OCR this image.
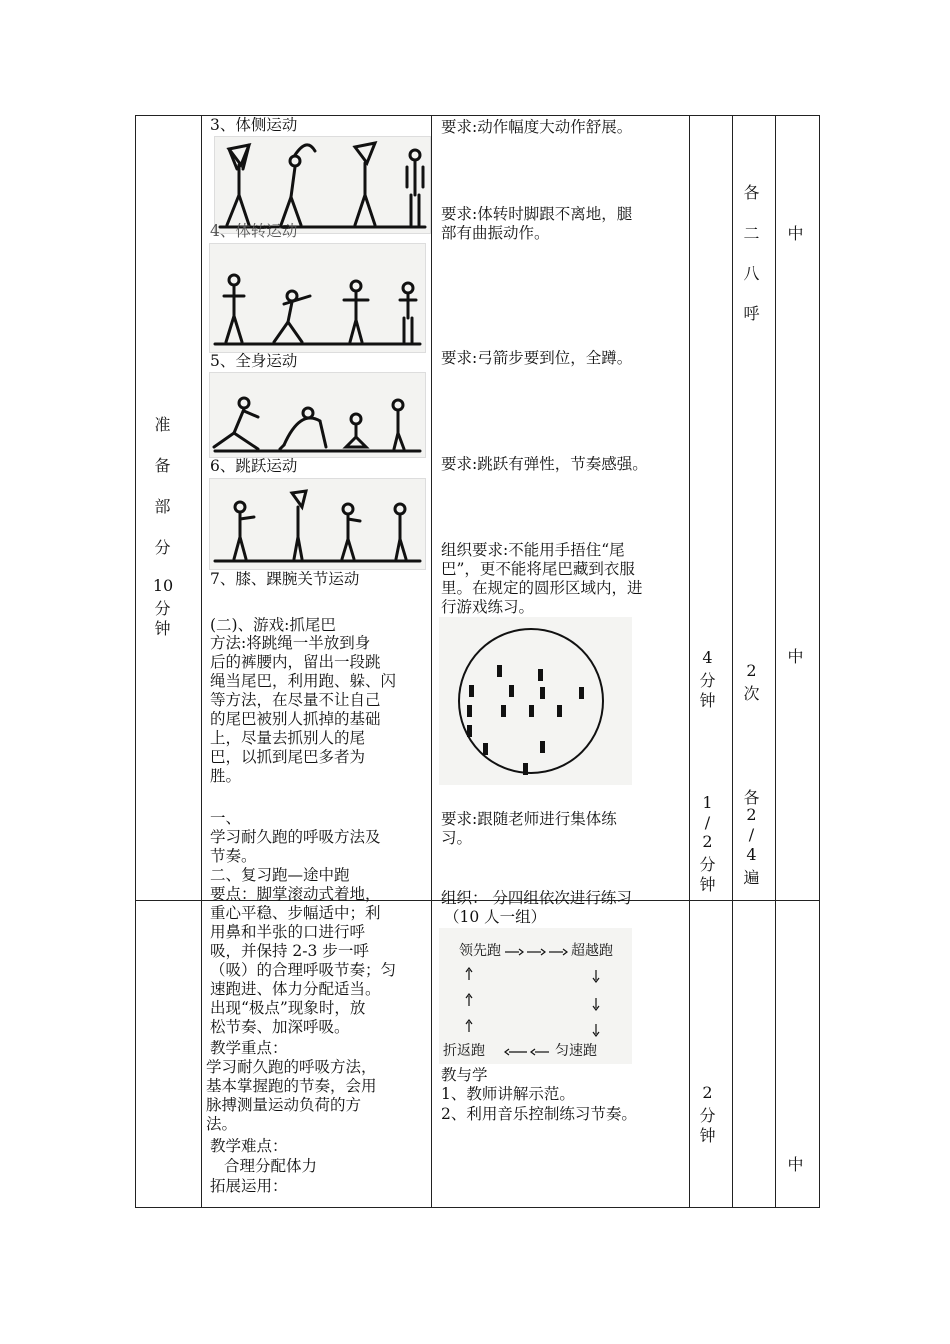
准
备
部
分
10
分
钟
3、体侧运动
4、体转运动
5、全身运动
6、跳跃运动
7、膝、踝腕关节运动
(二)、游戏:抓尾巴
方法:将跳绳一半放到身
后的裤腰内，留出一段跳
绳当尾巴，利用跑、躲、闪
等方法，在尽量不让自己
的尾巴被别人抓掉的基础
上，尽量去抓别人的尾
巴，以抓到尾巴多者为
胜。
一、
学习耐久跑的呼吸方法及
节奏。
二、复习跑—途中跑
要点：脚掌滚动式着地，
重心平稳、步幅适中；利
用鼻和半张的口进行呼
吸，并保持 2-3 步一呼
（吸）的合理呼吸节奏；匀
速跑进、体力分配适当。
出现“极点”现象时，放
松节奏、加深呼吸。
教学重点：
学习耐久跑的呼吸方法，
基本掌握跑的节奏，会用
脉搏测量运动负荷的方
法。
教学难点：
合理分配体力
拓展运用：
要求:动作幅度大动作舒展。
要求:体转时脚跟不离地，腿
部有曲振动作。
要求:弓箭步要到位，全蹲。
要求:跳跃有弹性，节奏感强。
组织要求:不能用手捂住“尾
巴”，更不能将尾巴藏到衣服
里。在规定的圆形区域内，进
行游戏练习。
要求:跟随老师进行集体练
习。
组织： 分四组依次进行练习
（10 人一组）
领先跑	超越跑
折返跑	匀速跑
教与学
1、教师讲解示范。
2、利用音乐控制练习节奏。
4
分
钟
1
/
2
分
钟
2
分
钟
各
二
八
呼
2
次
各
2
/
4
遍
中
中
中
